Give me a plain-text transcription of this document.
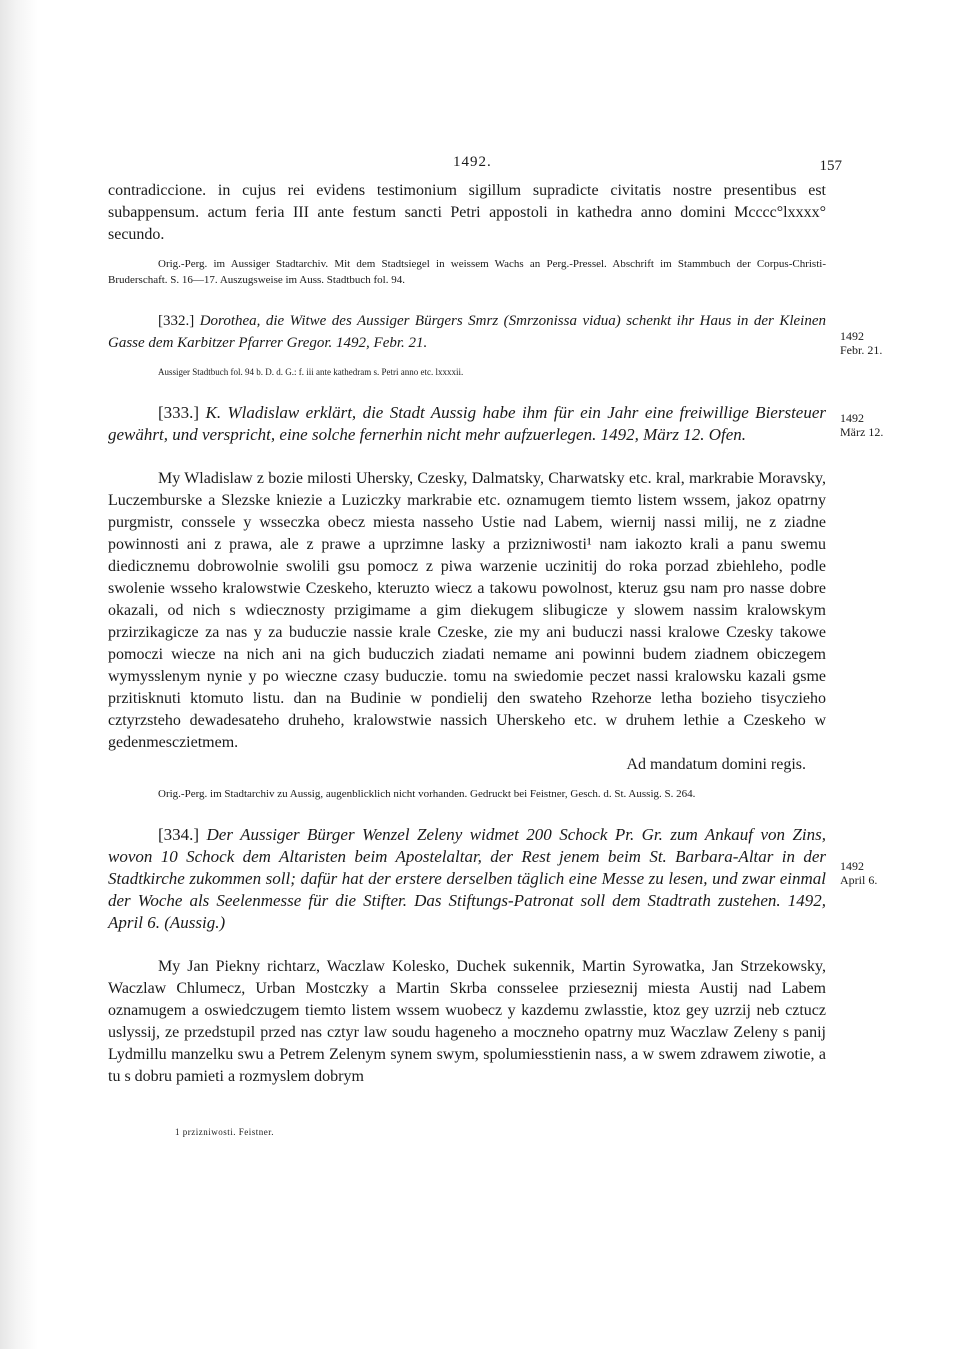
1492.	157

contradiccione. in cujus rei evidens testimonium sigillum supradicte civitatis nostre presentibus est subappensum. actum feria III ante festum sancti Petri appostoli in kathedra anno domini Mcccc°lxxxx° secundo.

Orig.-Perg. im Aussiger Stadtarchiv. Mit dem Stadtsiegel in weissem Wachs an Perg.-Pressel. Abschrift im Stammbuch der Corpus-Christi-Bruderschaft. S. 16—17. Auszugsweise im Auss. Stadtbuch fol. 94.

[332.] Dorothea, die Witwe des Aussiger Bürgers Smrz (Smrzonissa vidua) schenkt ihr Haus in der Kleinen Gasse dem Karbitzer Pfarrer Gregor. 1492, Febr. 21.

Aussiger Stadtbuch fol. 94 b. D. d. G.: f. iii ante kathedram s. Petri anno etc. lxxxxii.

[333.] K. Wladislaw erklärt, die Stadt Aussig habe ihm für ein Jahr eine freiwillige Biersteuer gewährt, und verspricht, eine solche fernerhin nicht mehr aufzuerlegen. 1492, März 12. Ofen.

My Wladislaw z bozie milosti Uhersky, Czesky, Dalmatsky, Charwatsky etc. kral, markrabie Moravsky, Luczemburske a Slezske kniezie a Luziczky markrabie etc. oznamugem tiemto listem wssem, jakoz opatrny purgmistr, conssele y wsseczka obecz miesta nasseho Ustie nad Labem, wiernij nassi milij, ne z ziadne powinnosti ani z prawa, ale z prawe a uprzimne lasky a przizniwosti¹ nam iakozto krali a panu swemu diedicznemu dobrowolnie swolili gsu pomocz z piwa warzenie uczinitij do roka porzad zbiehleho, podle swolenie wsseho kralowstwie Czeskeho, kteruzto wiecz a takowu powolnost, kteruz gsu nam pro nasse dobre okazali, od nich s wdiecznosty przigimame a gim diekugem slibugicze y slowem nassim kralowskym przirzikagicze za nas y za buduczie nassie krale Czeske, zie my ani buduczi nassi kralowe Czesky takowe pomoczi wiecze na nich ani na gich buduczich ziadati nemame ani powinni budem ziadnem obiczegem wymysslenym nynie y po wieczne czasy buduczie. tomu na swiedomie peczet nassi kralowsku kazali gsme przitisknuti ktomuto listu. dan na Budinie w pondielij den swateho Rzehorze letha bozieho tisyczieho cztyrzsteho dewadesateho druheho, kralowstwie nassich Uherskeho etc. w druhem lethie a Czeskeho w gedenmesczietmem.

Ad mandatum domini regis.

Orig.-Perg. im Stadtarchiv zu Aussig, augenblicklich nicht vorhanden. Gedruckt bei Feistner, Gesch. d. St. Aussig. S. 264.

[334.] Der Aussiger Bürger Wenzel Zeleny widmet 200 Schock Pr. Gr. zum Ankauf von Zins, wovon 10 Schock dem Altaristen beim Apostelaltar, der Rest jenem beim St. Barbara-Altar in der Stadtkirche zukommen soll; dafür hat der erstere derselben täglich eine Messe zu lesen, und zwar einmal der Woche als Seelenmesse für die Stifter. Das Stiftungs-Patronat soll dem Stadtrath zustehen. 1492, April 6. (Aussig.)

My Jan Piekny richtarz, Waczlaw Kolesko, Duchek sukennik, Martin Syrowatka, Jan Strzekowsky, Waczlaw Chlumecz, Urban Mostczky a Martin Skrba consselee przieseznij miesta Austij nad Labem oznamugem a oswiedczugem tiemto listem wssem wuobecz y kazdemu zwlasstie, ktoz gey uzrzij neb cztucz uslyssij, ze przedstupil przed nas cztyr law soudu hageneho a moczneho opatrny muz Waczlaw Zeleny s panij Lydmillu manzelku swu a Petrem Zelenym synem swym, spolumiesstienin nass, a w swem zdrawem ziwotie, a tu s dobru pamieti a rozmyslem dobrym

1492
Febr. 21.
1492
März 12.
1492
April 6.
1 przizniwosti. Feistner.
